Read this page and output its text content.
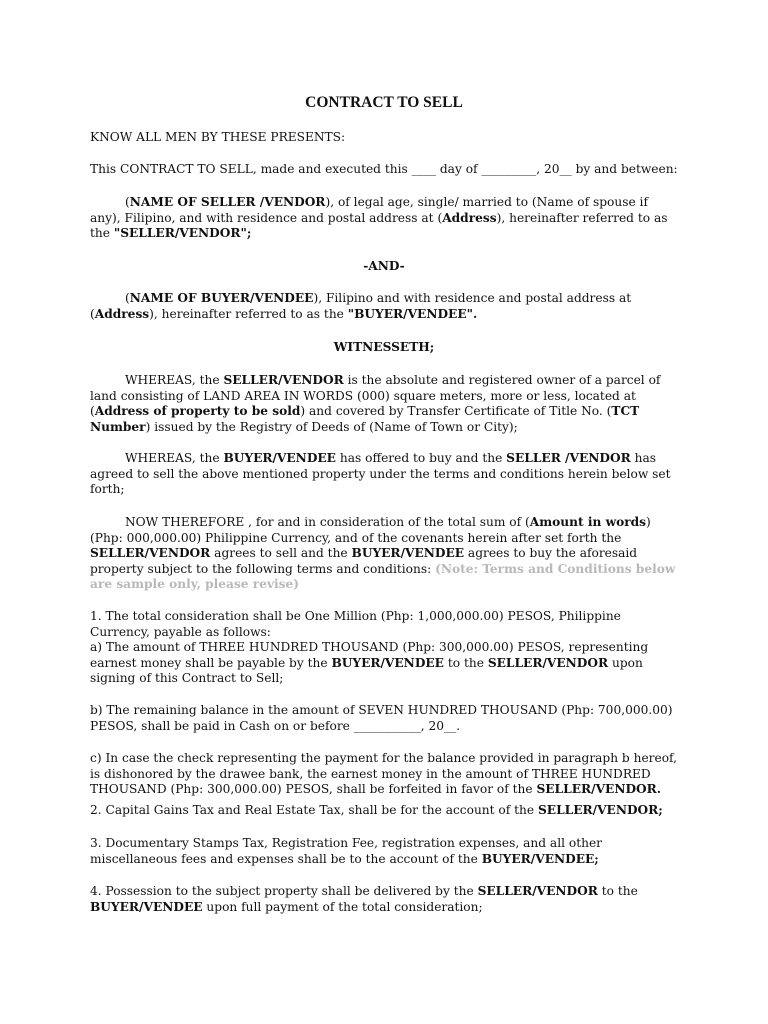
CONTRACT TO SELL

KNOW ALL MEN BY THESE PRESENTS:

This CONTRACT TO SELL, made and executed this ____ day of _________, 20__ by and between:

(NAME OF SELLER /VENDOR), of legal age, single/ married to (Name of spouse if any), Filipino, and with residence and postal address at (Address), hereinafter referred to as the "SELLER/VENDOR";

-AND-

(NAME OF BUYER/VENDEE), Filipino and with residence and postal address at (Address), hereinafter referred to as the "BUYER/VENDEE".

WITNESSETH;

WHEREAS, the SELLER/VENDOR is the absolute and registered owner of a parcel of land consisting of LAND AREA IN WORDS (000) square meters, more or less, located at (Address of property to be sold) and covered by Transfer Certificate of Title No. (TCT Number) issued by the Registry of Deeds of (Name of Town or City);

WHEREAS, the BUYER/VENDEE has offered to buy and the SELLER /VENDOR has agreed to sell the above mentioned property under the terms and conditions herein below set forth;

NOW THEREFORE , for and in consideration of the total sum of (Amount in words) (Php: 000,000.00) Philippine Currency, and of the covenants herein after set forth the SELLER/VENDOR agrees to sell and the BUYER/VENDEE agrees to buy the aforesaid property subject to the following terms and conditions: (Note: Terms and Conditions below are sample only, please revise)

1. The total consideration shall be One Million (Php: 1,000,000.00) PESOS, Philippine Currency, payable as follows:
a) The amount of THREE HUNDRED THOUSAND (Php: 300,000.00) PESOS, representing earnest money shall be payable by the BUYER/VENDEE to the SELLER/VENDOR upon signing of this Contract to Sell;

b) The remaining balance in the amount of SEVEN HUNDRED THOUSAND (Php: 700,000.00) PESOS, shall be paid in Cash on or before ___________, 20__.

c) In case the check representing the payment for the balance provided in paragraph b hereof, is dishonored by the drawee bank, the earnest money in the amount of THREE HUNDRED THOUSAND (Php: 300,000.00) PESOS, shall be forfeited in favor of the SELLER/VENDOR.

2. Capital Gains Tax and Real Estate Tax, shall be for the account of the SELLER/VENDOR;

3. Documentary Stamps Tax, Registration Fee, registration expenses, and all other miscellaneous fees and expenses shall be to the account of the BUYER/VENDEE;

4. Possession to the subject property shall be delivered by the SELLER/VENDOR to the BUYER/VENDEE upon full payment of the total consideration;
